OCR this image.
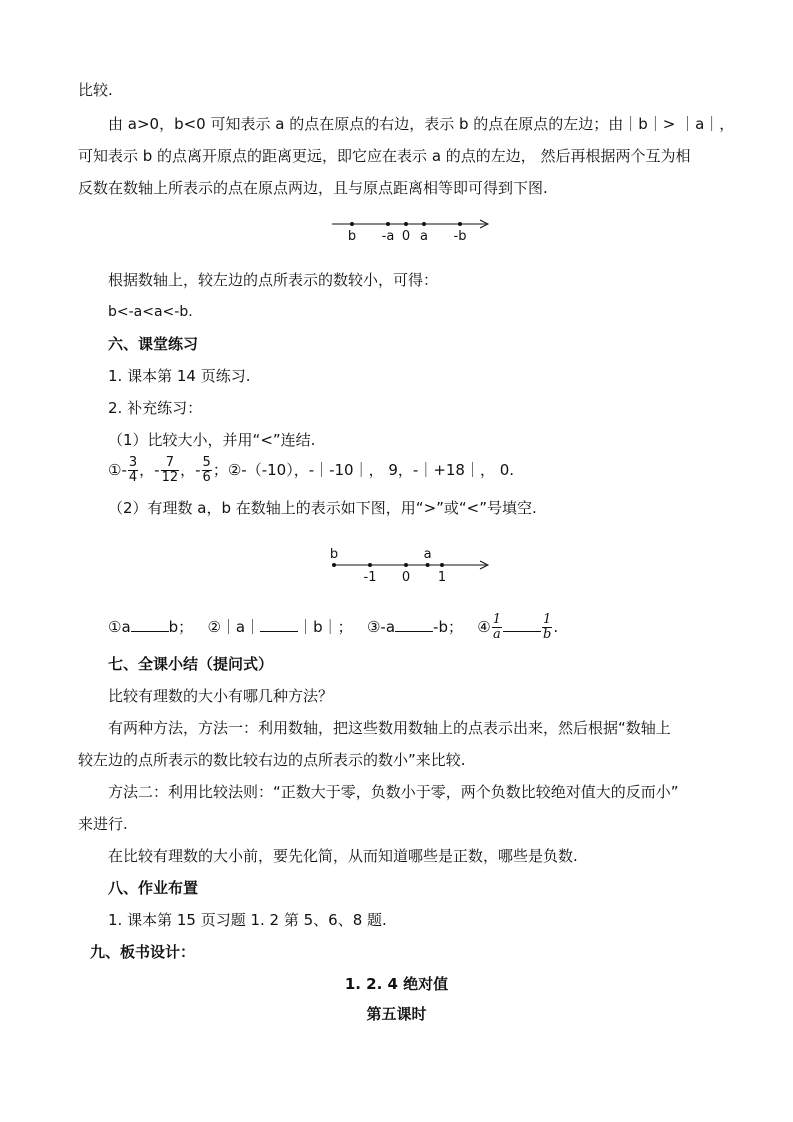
比较.
由 a>0，b<0 可知表示 a 的点在原点的右边，表示 b 的点在原点的左边；由｜b｜> ｜a｜，
可知表示 b 的点离开原点的距离更远，即它应在表示 a 的点的左边， 然后再根据两个互为相
反数在数轴上所表示的点在原点两边，且与原点距离相等即可得到下图.
b -a 0 a -b
根据数轴上，较左边的点所表示的数较小，可得：
b<-a<a<-b.
六、课堂练习
1. 课本第 14 页练习.
2. 补充练习：
（1）比较大小，并用“<”连结.
①- $\frac{3}{4}$ ，- $\frac{7}{12}$ ，- $\frac{5}{6}$ ；②-（-10），-｜-10｜， 9，-｜+18｜， 0.
（2）有理数 a，b 在数轴上的表示如下图，用“>”或“<”号填空.
b
-1 0
a
1
①a	b； ②｜a｜	｜b｜； ③-a	-b； ④ $\frac{1}{a}$	$\frac{1}{b}$ .
七、全课小结（提问式）
比较有理数的大小有哪几种方法？
有两种方法，方法一：利用数轴，把这些数用数轴上的点表示出来，然后根据“数轴上
较左边的点所表示的数比较右边的点所表示的数小”来比较.
方法二：利用比较法则：“正数大于零，负数小于零，两个负数比较绝对值大的反而小”
来进行.
在比较有理数的大小前，要先化简，从而知道哪些是正数，哪些是负数.
八、作业布置
1. 课本第 15 页习题 1. 2 第 5、6、8 题.
九、板书设计：
1. 2. 4 绝对值
第五课时
